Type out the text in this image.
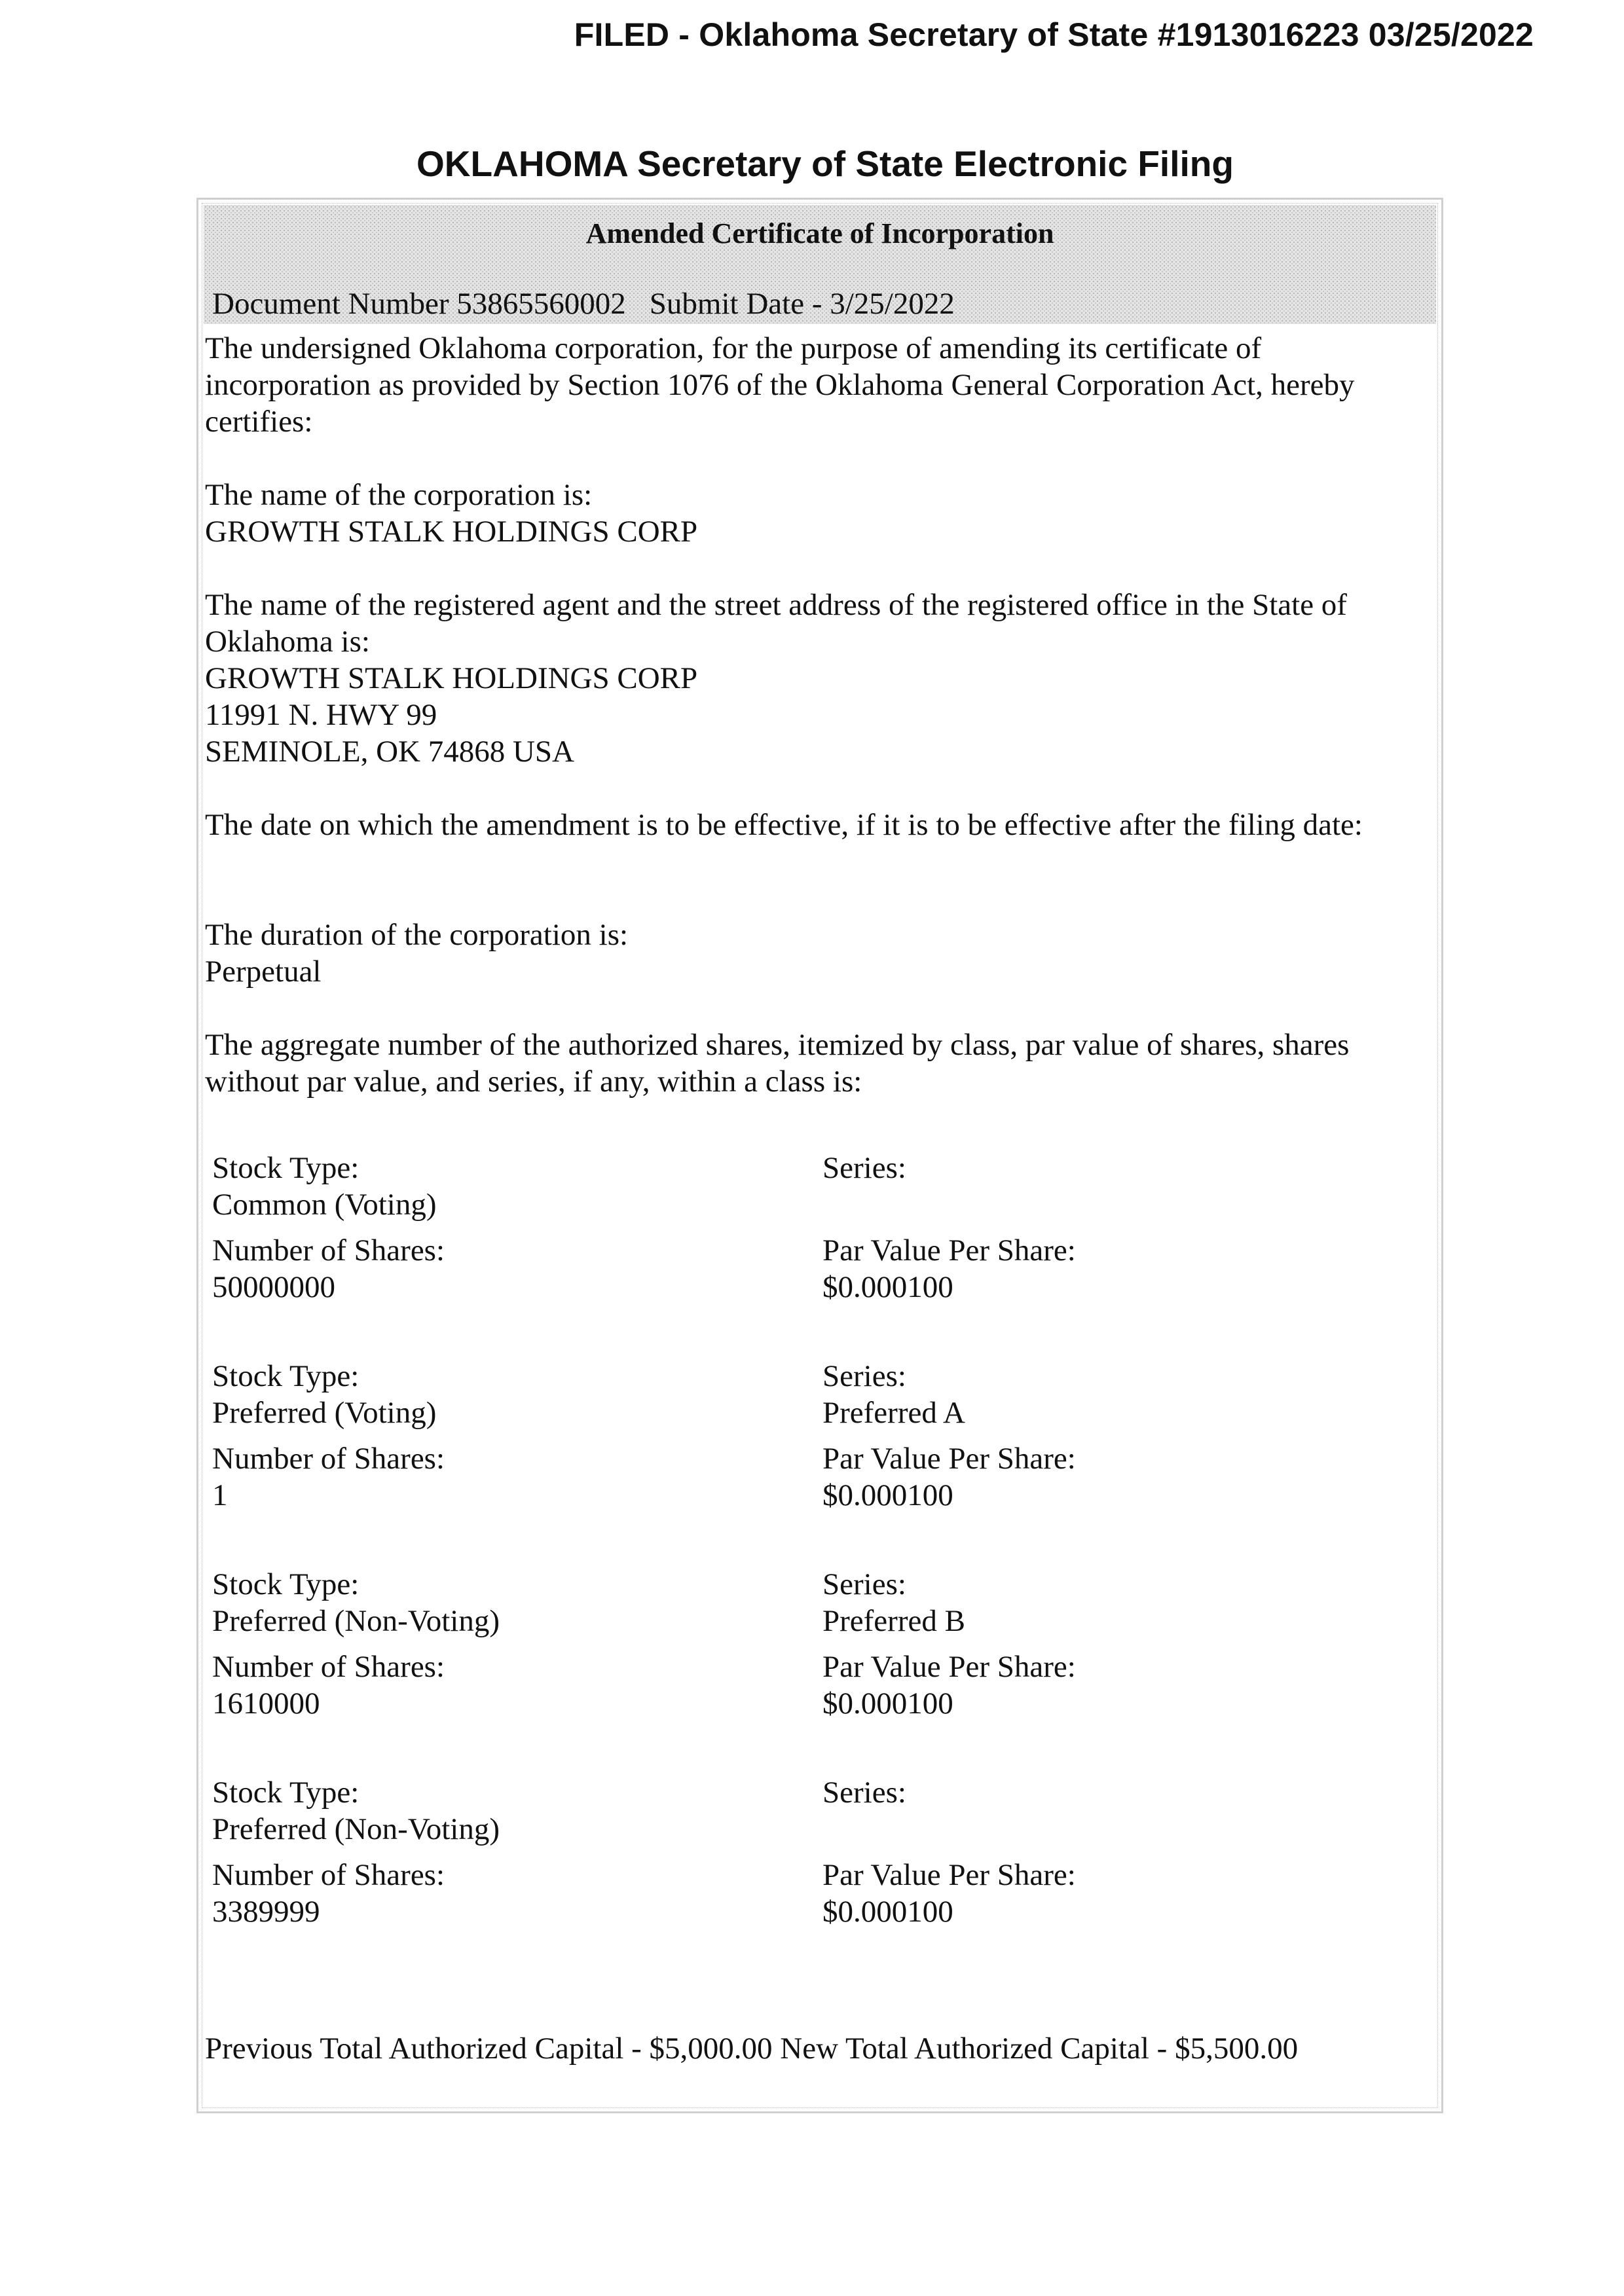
FILED - Oklahoma Secretary of State #1913016223 03/25/2022
OKLAHOMA Secretary of State Electronic Filing
Amended Certificate of Incorporation
Document Number 53865560002 Submit Date - 3/25/2022

The undersigned Oklahoma corporation, for the purpose of amending its certificate of
incorporation as provided by Section 1076 of the Oklahoma General Corporation Act, hereby
certifies:

The name of the corporation is:
GROWTH STALK HOLDINGS CORP

The name of the registered agent and the street address of the registered office in the State of
Oklahoma is:
GROWTH STALK HOLDINGS CORP
11991 N. HWY 99
SEMINOLE, OK 74868 USA

The date on which the amendment is to be effective, if it is to be effective after the filing date:

The duration of the corporation is:
Perpetual

The aggregate number of the authorized shares, itemized by class, par value of shares, shares
without par value, and series, if any, within a class is:

Stock Type:
Common (Voting)
Series:
Number of Shares:
50000000
Par Value Per Share:
$0.000100
Stock Type:
Preferred (Voting)
Series:
Preferred A
Number of Shares:
1
Par Value Per Share:
$0.000100
Stock Type:
Preferred (Non-Voting)
Series:
Preferred B
Number of Shares:
1610000
Par Value Per Share:
$0.000100
Stock Type:
Preferred (Non-Voting)
Series:
Number of Shares:
3389999
Par Value Per Share:
$0.000100
Previous Total Authorized Capital - $5,000.00 New Total Authorized Capital - $5,500.00
